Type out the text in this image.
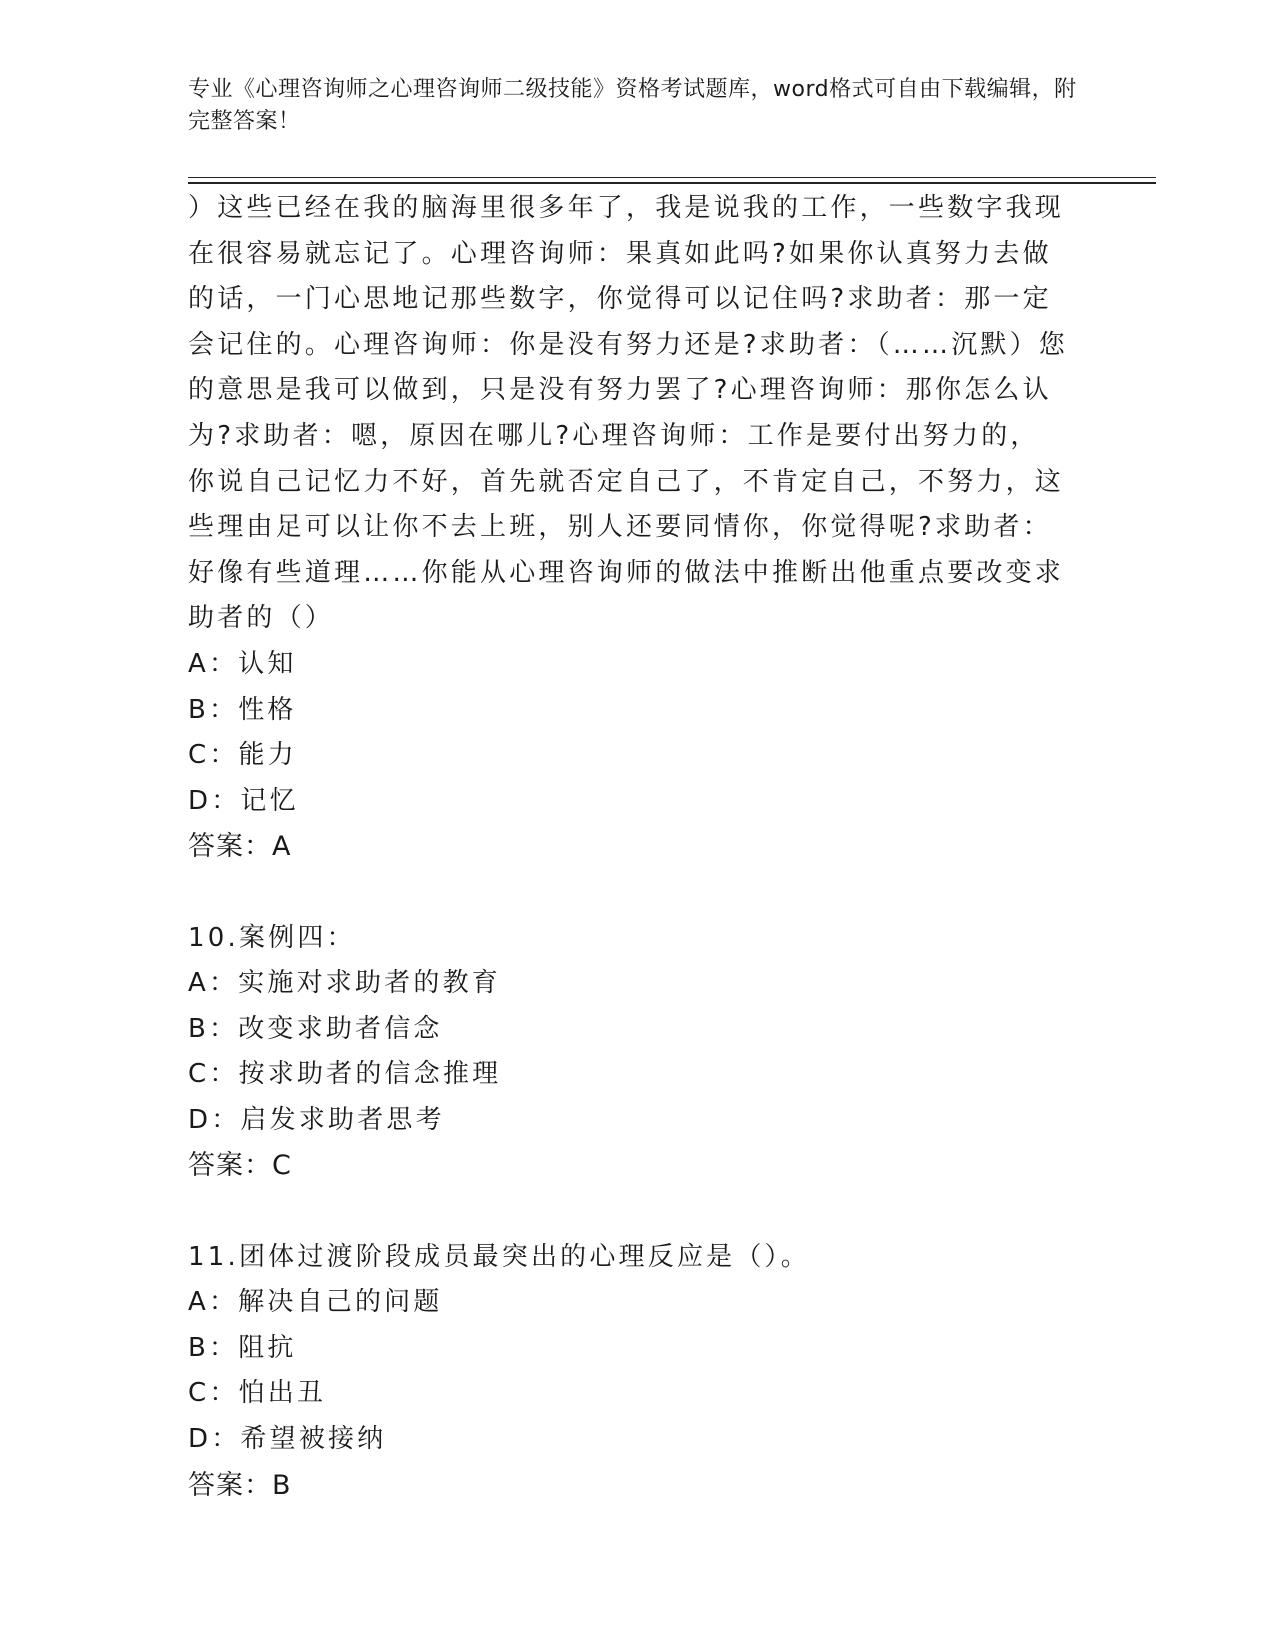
专业《心理咨询师之心理咨询师二级技能》资格考试题库，word格式可自由下载编辑，附完整答案！

）这些已经在我的脑海里很多年了，我是说我的工作，一些数字我现在很容易就忘记了。心理咨询师：果真如此吗?如果你认真努力去做的话，一门心思地记那些数字，你觉得可以记住吗?求助者：那一定会记住的。心理咨询师：你是没有努力还是?求助者：（……沉默）您的意思是我可以做到，只是没有努力罢了?心理咨询师：那你怎么认为?求助者：嗯，原因在哪儿?心理咨询师：工作是要付出努力的，你说自己记忆力不好，首先就否定自己了，不肯定自己，不努力，这些理由足可以让你不去上班，别人还要同情你，你觉得呢?求助者：好像有些道理……你能从心理咨询师的做法中推断出他重点要改变求助者的（）

A：认知

B：性格

C：能力

D：记忆

答案：A

10.案例四：

A：实施对求助者的教育

B：改变求助者信念

C：按求助者的信念推理

D：启发求助者思考

答案：C

11.团体过渡阶段成员最突出的心理反应是（）。

A：解决自己的问题

B：阻抗

C：怕出丑

D：希望被接纳

答案：B
